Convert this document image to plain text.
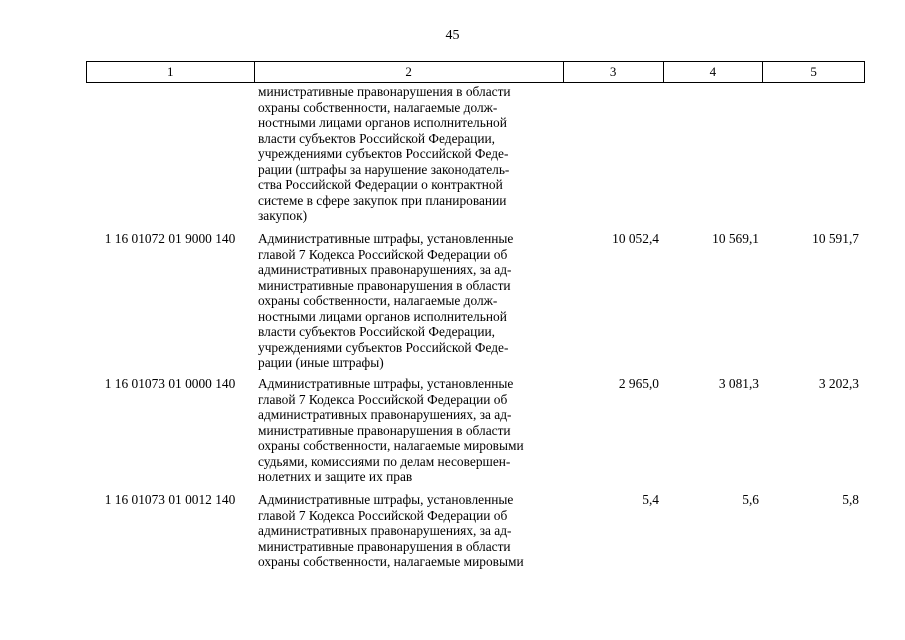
45
1	2	3	4	5
министративные правонарушения в области
охраны собственности, налагаемые долж-
ностными лицами органов исполнительной
власти субъектов Российской Федерации,
учреждениями субъектов Российской Феде-
рации (штрафы за нарушение законодатель-
ства Российской Федерации о контрактной
системе в сфере закупок при планировании
закупок)
1 16 01072 01 9000 140	Административные штрафы, установленные
главой 7 Кодекса Российской Федерации об
административных правонарушениях, за ад-
министративные правонарушения в области
охраны собственности, налагаемые долж-
ностными лицами органов исполнительной
власти субъектов Российской Федерации,
учреждениями субъектов Российской Феде-
рации (иные штрафы)
10 052,4	10 569,1	10 591,7
1 16 01073 01 0000 140	Административные штрафы, установленные
главой 7 Кодекса Российской Федерации об
административных правонарушениях, за ад-
министративные правонарушения в области
охраны собственности, налагаемые мировыми
судьями, комиссиями по делам несовершен-
нолетних и защите их прав
2 965,0	3 081,3	3 202,3
1 16 01073 01 0012 140	Административные штрафы, установленные
главой 7 Кодекса Российской Федерации об
административных правонарушениях, за ад-
министративные правонарушения в области
охраны собственности, налагаемые мировыми
5,4	5,6	5,8
